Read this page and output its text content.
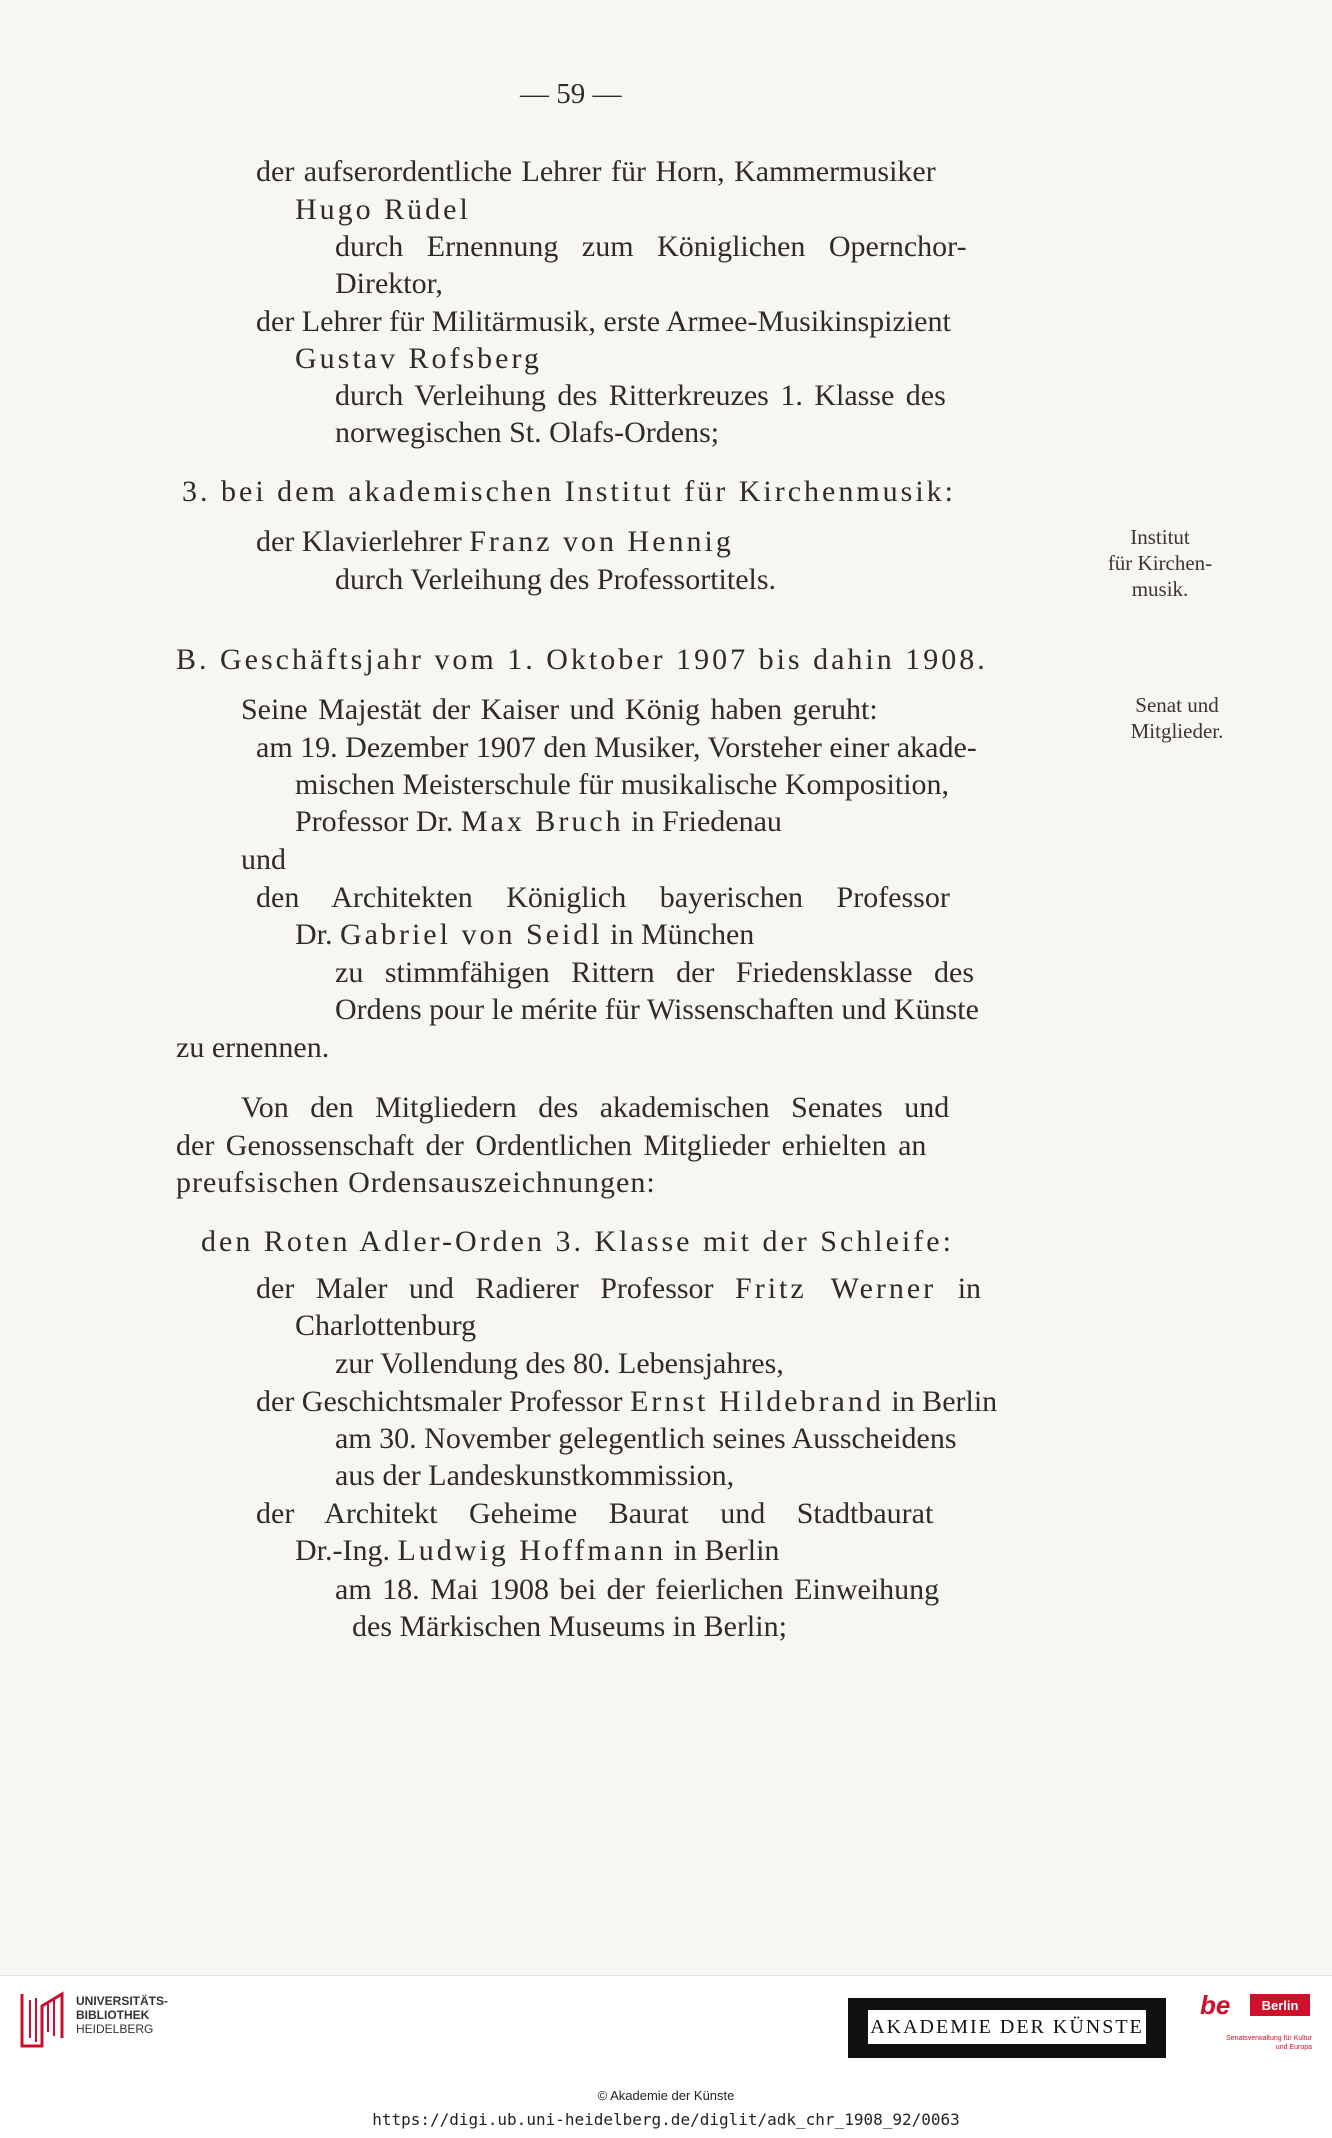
— 59 —
der aufserordentliche Lehrer für Horn, Kammermusiker
Hugo Rüdel
durch Ernennung zum Königlichen Opernchor-
Direktor,
der Lehrer für Militärmusik, erste Armee-Musikinspizient
Gustav Rofsberg
durch Verleihung des Ritterkreuzes 1. Klasse des
norwegischen St. Olafs-Ordens;
3. bei dem akademischen Institut für Kirchenmusik:
der Klavierlehrer Franz von Hennig
durch Verleihung des Professortitels.
B. Geschäftsjahr vom 1. Oktober 1907 bis dahin 1908.
Seine Majestät der Kaiser und König haben geruht:
am 19. Dezember 1907 den Musiker, Vorsteher einer akade-
mischen Meisterschule für musikalische Komposition,
Professor Dr. Max Bruch in Friedenau
und
den Architekten Königlich bayerischen Professor
Dr. Gabriel von Seidl in München
zu stimmfähigen Rittern der Friedensklasse des
Ordens pour le mérite für Wissenschaften und Künste
zu ernennen.
Von den Mitgliedern des akademischen Senates und
der Genossenschaft der Ordentlichen Mitglieder erhielten an
preufsischen Ordensauszeichnungen:
den Roten Adler-Orden 3. Klasse mit der Schleife:
der Maler und Radierer Professor Fritz Werner in
Charlottenburg
zur Vollendung des 80. Lebensjahres,
der Geschichtsmaler Professor Ernst Hildebrand in Berlin
am 30. November gelegentlich seines Ausscheidens
aus der Landeskunstkommission,
der Architekt Geheime Baurat und Stadtbaurat
Dr.-Ing. Ludwig Hoffmann in Berlin
am 18. Mai 1908 bei der feierlichen Einweihung
des Märkischen Museums in Berlin;
Institut
für Kirchen-
musik.
Senat und
Mitglieder.
UNIVERSITÄTS-
BIBLIOTHEK
HEIDELBERG	AKADEMIE DER KÜNSTE
be	Berlin
Senatsverwaltung für Kultur und Europa
© Akademie der Künste
https://digi.ub.uni-heidelberg.de/diglit/adk_chr_1908_92/0063
